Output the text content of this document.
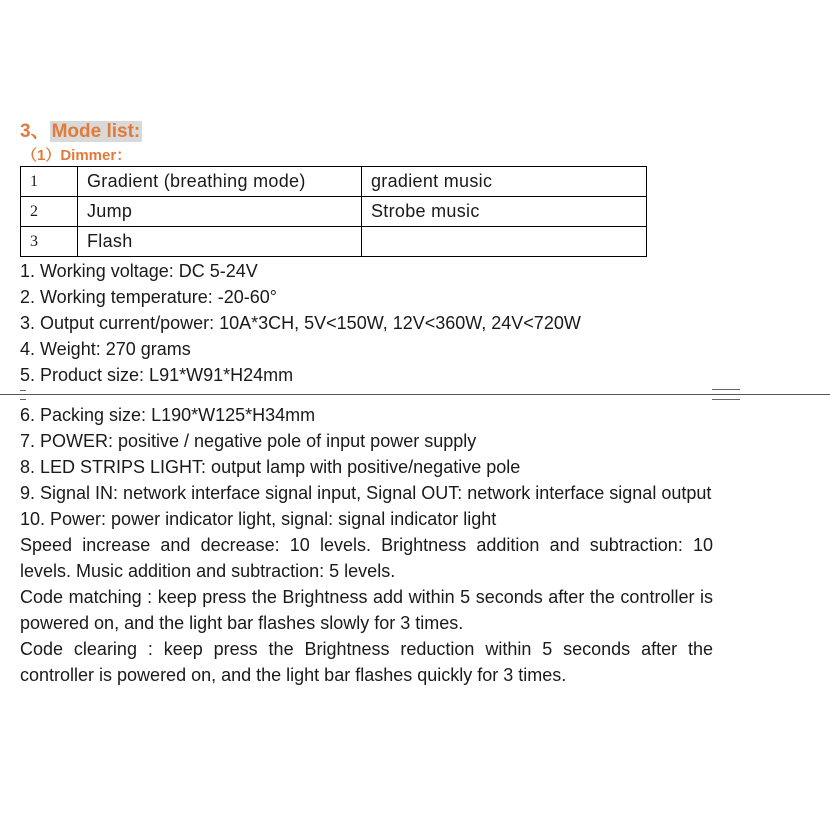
3、 Mode list:
（1）Dimmer：
1	Gradient (breathing mode)	gradient music
2	Jump	Strobe music
3	Flash	
1. Working voltage: DC 5-24V
2. Working temperature: -20-60°
3. Output current/power: 10A*3CH, 5V<150W, 12V<360W, 24V<720W
4. Weight: 270 grams
5. Product size: L91*W91*H24mm

6. Packing size: L190*W125*H34mm

7. POWER: positive / negative pole of input power supply

8. LED STRIPS LIGHT: output lamp with positive/negative pole

9. Signal IN: network interface signal input, Signal OUT: network interface signal output

10. Power: power indicator light, signal: signal indicator light

Speed increase and decrease: 10 levels. Brightness addition and subtraction: 10 levels. Music addition and subtraction: 5 levels.

Code matching : keep press the Brightness add within 5 seconds after the controller is powered on, and the light bar flashes slowly for 3 times.

Code clearing : keep press the Brightness reduction within 5 seconds after the controller is powered on, and the light bar flashes quickly for 3 times.
